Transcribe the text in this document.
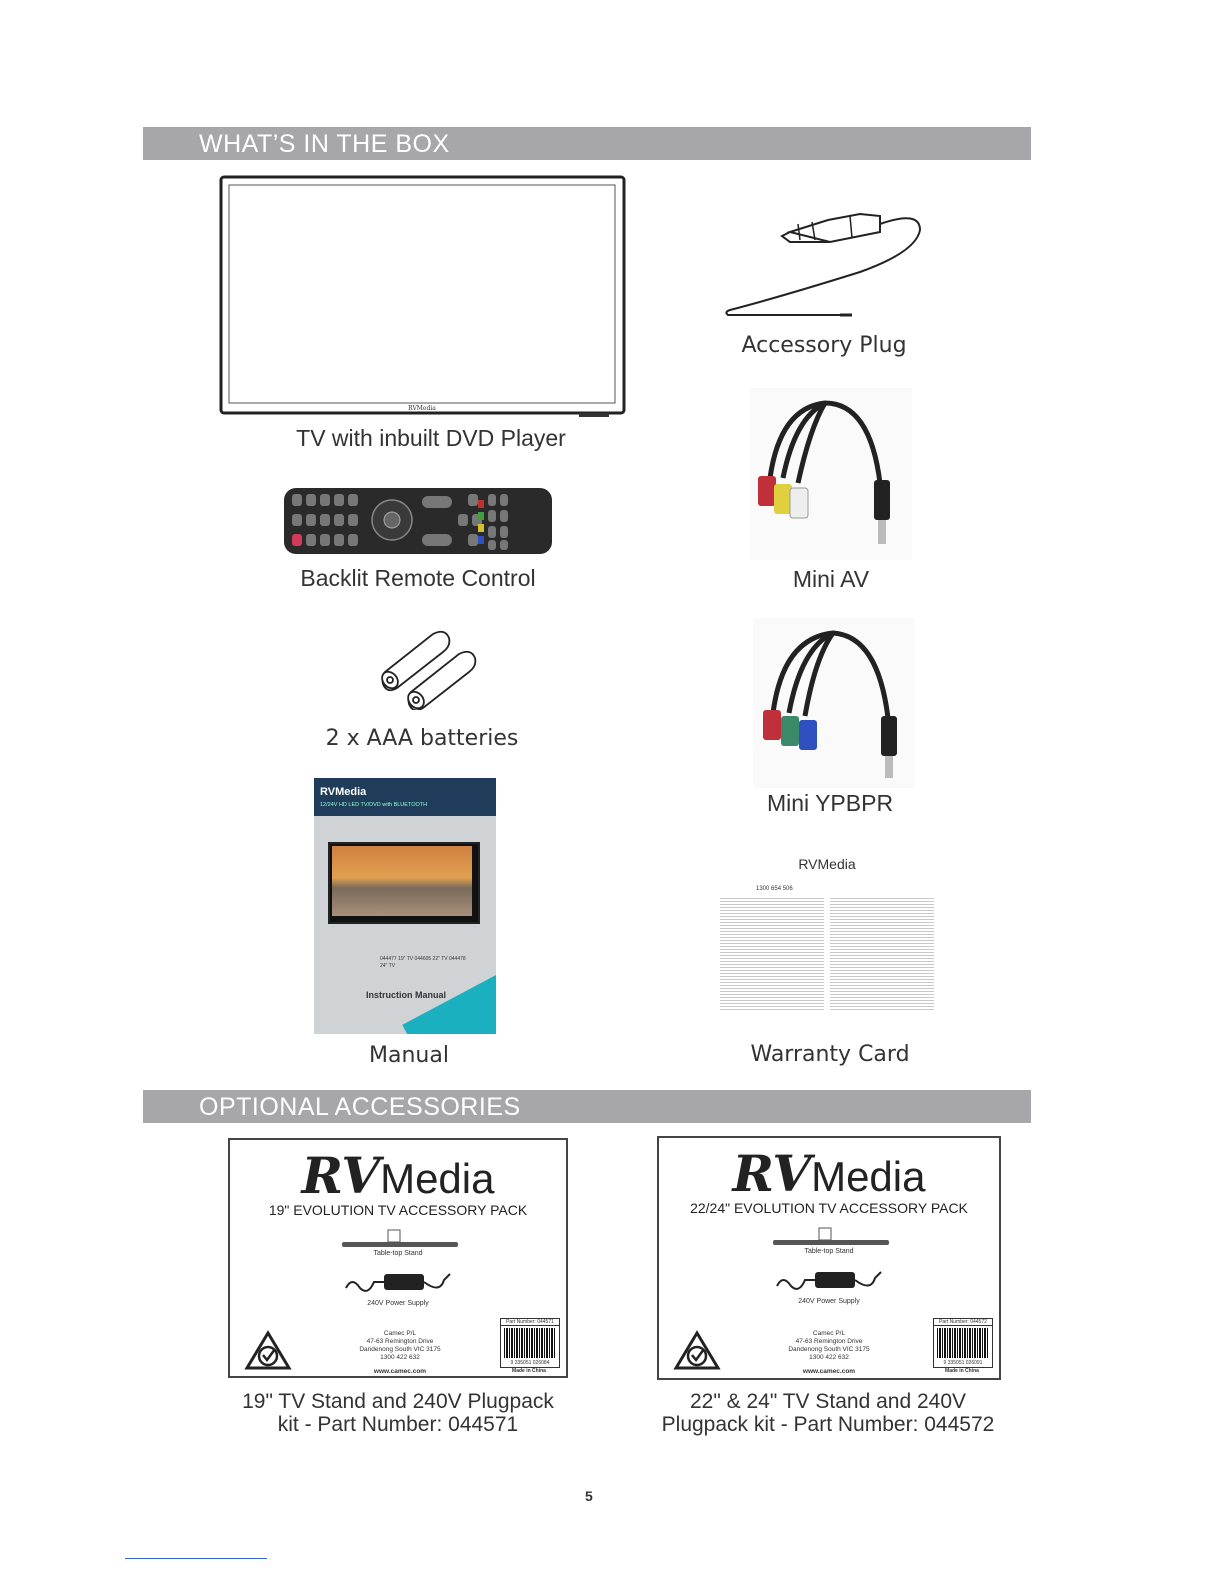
WHAT’S IN THE BOX
RVMedia
TV with inbuilt DVD Player
Accessory Plug
Backlit Remote Control	Mini AV
2 x AAA batteries
Mini YPBPR
RVMedia
12/24V HD LED TV/DVD with BLUETOOTH
044477 19" TV 044605 22" TV 044478 24" TV
Instruction Manual
Manual
RVMedia
1300 654 506
Warranty Card
OPTIONAL ACCESSORIES
RVMedia
19" EVOLUTION TV ACCESSORY PACK
Table-top Stand
240V Power Supply
Camec P/L
47-63 Remington Drive
Dandenong South VIC 3175
1300 422 632
www.camec.com
Part Number: 044571
9 335051 026084
Made in China
19" TV Stand and 240V Plugpack
kit - Part Number: 044571
RVMedia
22/24" EVOLUTION TV ACCESSORY PACK
Table-top Stand
240V Power Supply
Camec P/L
47-63 Remington Drive
Dandenong South VIC 3175
1300 422 632
www.camec.com
Part Number: 044572
9 335051 026091
Made in China
22" & 24" TV Stand and 240V
Plugpack kit - Part Number: 044572
5
